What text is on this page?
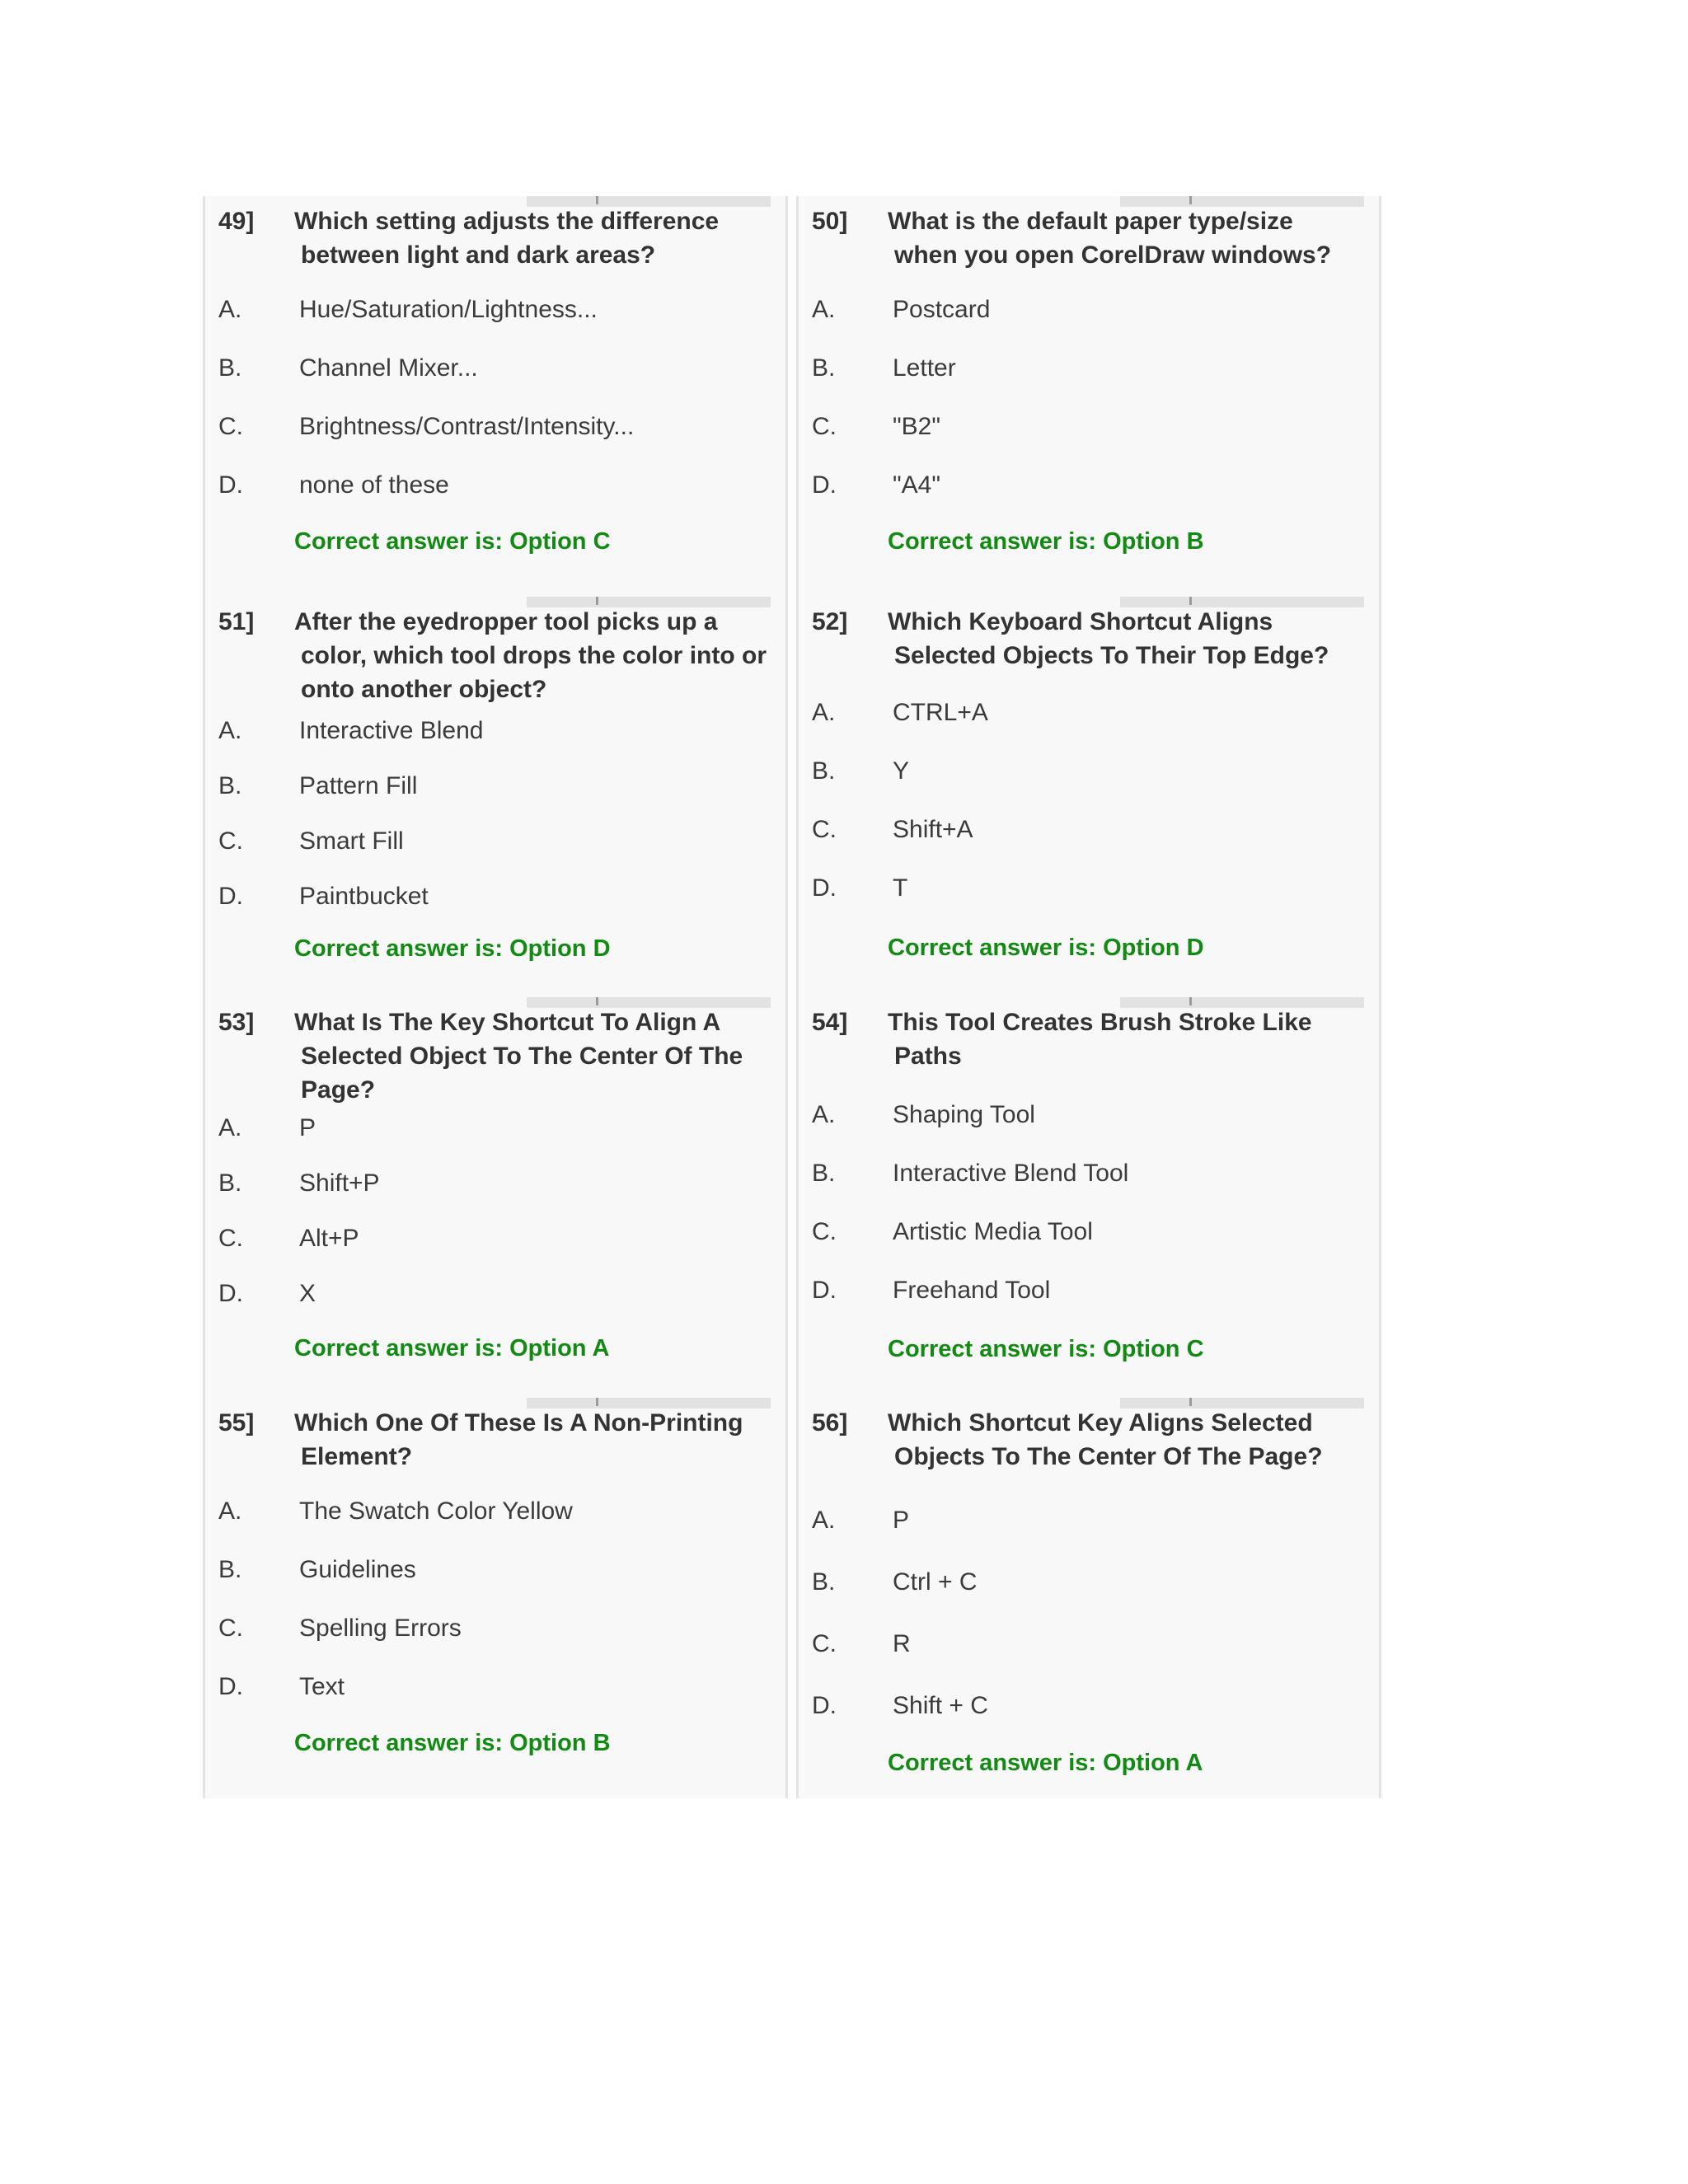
49] Which setting adjusts the difference between light and dark areas?
A. Hue/Saturation/Lightness...
B. Channel Mixer...
C. Brightness/Contrast/Intensity...
D. none of these
Correct answer is: Option C
50] What is the default paper type/size when you open CorelDraw windows?
A. Postcard
B. Letter
C. "B2"
D. "A4"
Correct answer is: Option B
51] After the eyedropper tool picks up a color, which tool drops the color into or onto another object?
A. Interactive Blend
B. Pattern Fill
C. Smart Fill
D. Paintbucket
Correct answer is: Option D
52] Which Keyboard Shortcut Aligns Selected Objects To Their Top Edge?
A. CTRL+A
B. Y
C. Shift+A
D. T
Correct answer is: Option D
53] What Is The Key Shortcut To Align A Selected Object To The Center Of The Page?
A. P
B. Shift+P
C. Alt+P
D. X
Correct answer is: Option A
54] This Tool Creates Brush Stroke Like Paths
A. Shaping Tool
B. Interactive Blend Tool
C. Artistic Media Tool
D. Freehand Tool
Correct answer is: Option C
55] Which One Of These Is A Non-Printing Element?
A. The Swatch Color Yellow
B. Guidelines
C. Spelling Errors
D. Text
Correct answer is: Option B
56] Which Shortcut Key Aligns Selected Objects To The Center Of The Page?
A. P
B. Ctrl + C
C. R
D. Shift + C
Correct answer is: Option A
